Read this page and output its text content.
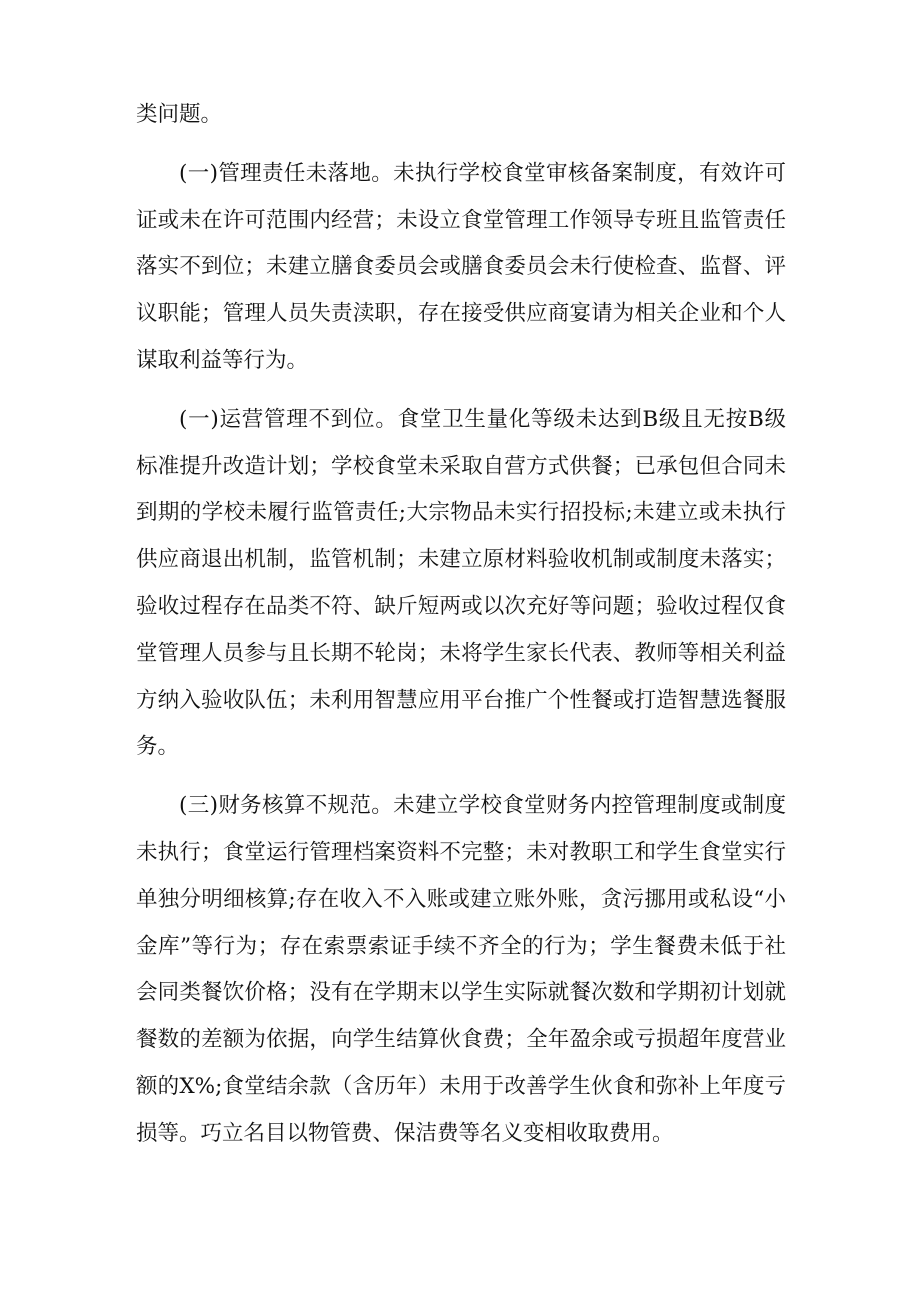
类问题。

(一)管理责任未落地。未执行学校食堂审核备案制度，有效许可证或未在许可范围内经营；未设立食堂管理工作领导专班且监管责任落实不到位；未建立膳食委员会或膳食委员会未行使检查、监督、评议职能；管理人员失责渎职，存在接受供应商宴请为相关企业和个人谋取利益等行为。

(一)运营管理不到位。食堂卫生量化等级未达到B级且无按B级标准提升改造计划；学校食堂未采取自营方式供餐；已承包但合同未到期的学校未履行监管责任;大宗物品未实行招投标;未建立或未执行供应商退出机制，监管机制；未建立原材料验收机制或制度未落实；验收过程存在品类不符、缺斤短两或以次充好等问题；验收过程仅食堂管理人员参与且长期不轮岗；未将学生家长代表、教师等相关利益方纳入验收队伍；未利用智慧应用平台推广个性餐或打造智慧选餐服务。

(三)财务核算不规范。未建立学校食堂财务内控管理制度或制度未执行；食堂运行管理档案资料不完整；未对教职工和学生食堂实行单独分明细核算;存在收入不入账或建立账外账，贪污挪用或私设“小金库”等行为；存在索票索证手续不齐全的行为；学生餐费未低于社会同类餐饮价格；没有在学期末以学生实际就餐次数和学期初计划就餐数的差额为依据，向学生结算伙食费；全年盈余或亏损超年度营业额的X%;食堂结余款（含历年）未用于改善学生伙食和弥补上年度亏损等。巧立名目以物管费、保洁费等名义变相收取费用。
